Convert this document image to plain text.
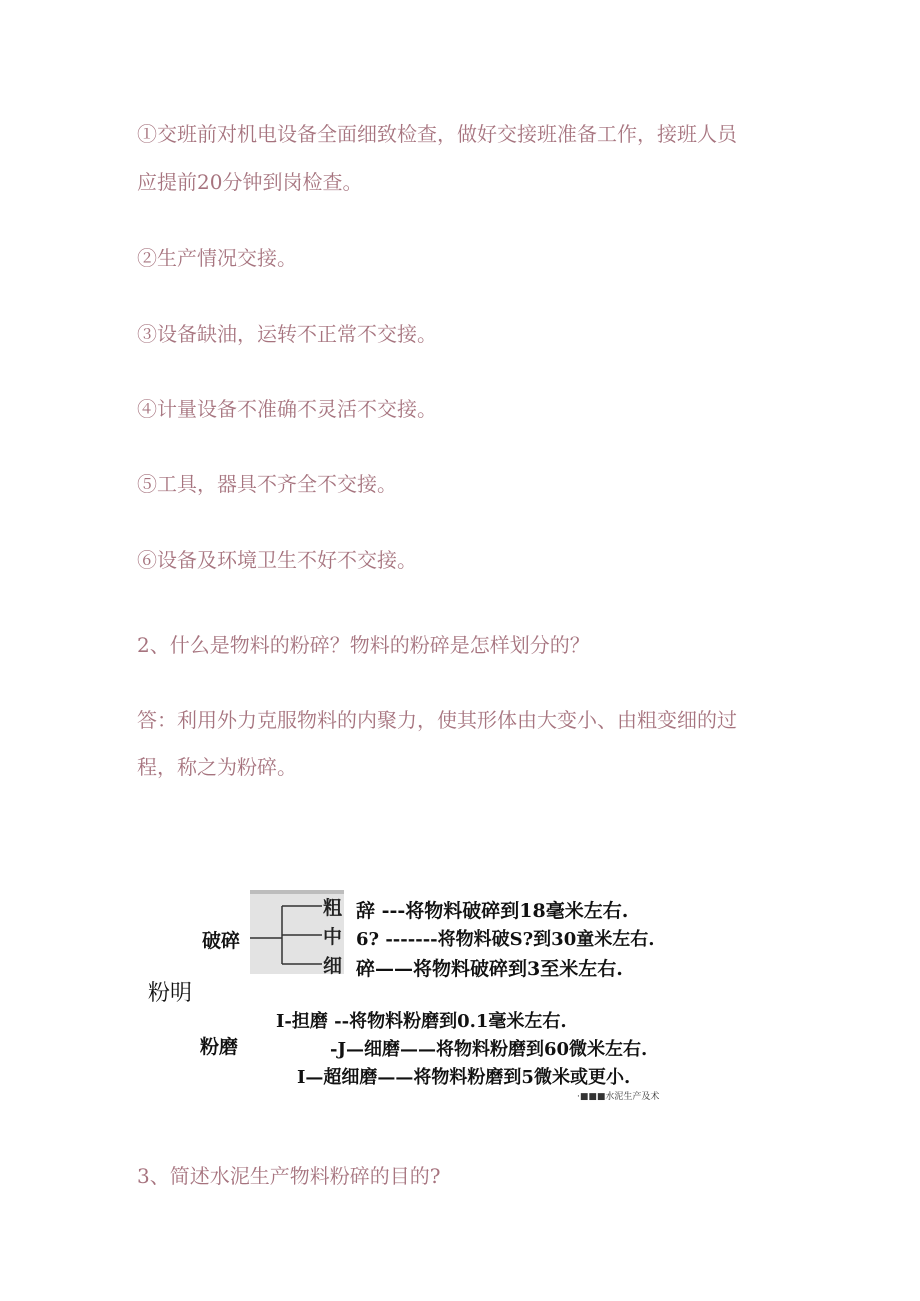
①交班前对机电设备全面细致检查，做好交接班准备工作，接班人员

应提前20分钟到岗检查。

②生产情况交接。

③设备缺油，运转不正常不交接。

④计量设备不准确不灵活不交接。

⑤工具，器具不齐全不交接。

⑥设备及环境卫生不好不交接。

2、什么是物料的粉碎？物料的粉碎是怎样划分的？

答：利用外力克服物料的内聚力，使其形体由大变小、由粗变细的过

程，称之为粉碎。

粗
中
细
破碎
辞 ---将物料破碎到18毫米左右.
6? -------将物料破S?到30童米左右.
碎——将物料破碎到3至米左右.
粉明
I-担磨 --将物料粉磨到0.1毫米左右.
粉磨	-J—细磨——将物料粉磨到60微米左右.
I—超细磨——将物料粉磨到5微米或更小.
·■■■水泥生产及术

3、简述水泥生产物料粉碎的目的?
